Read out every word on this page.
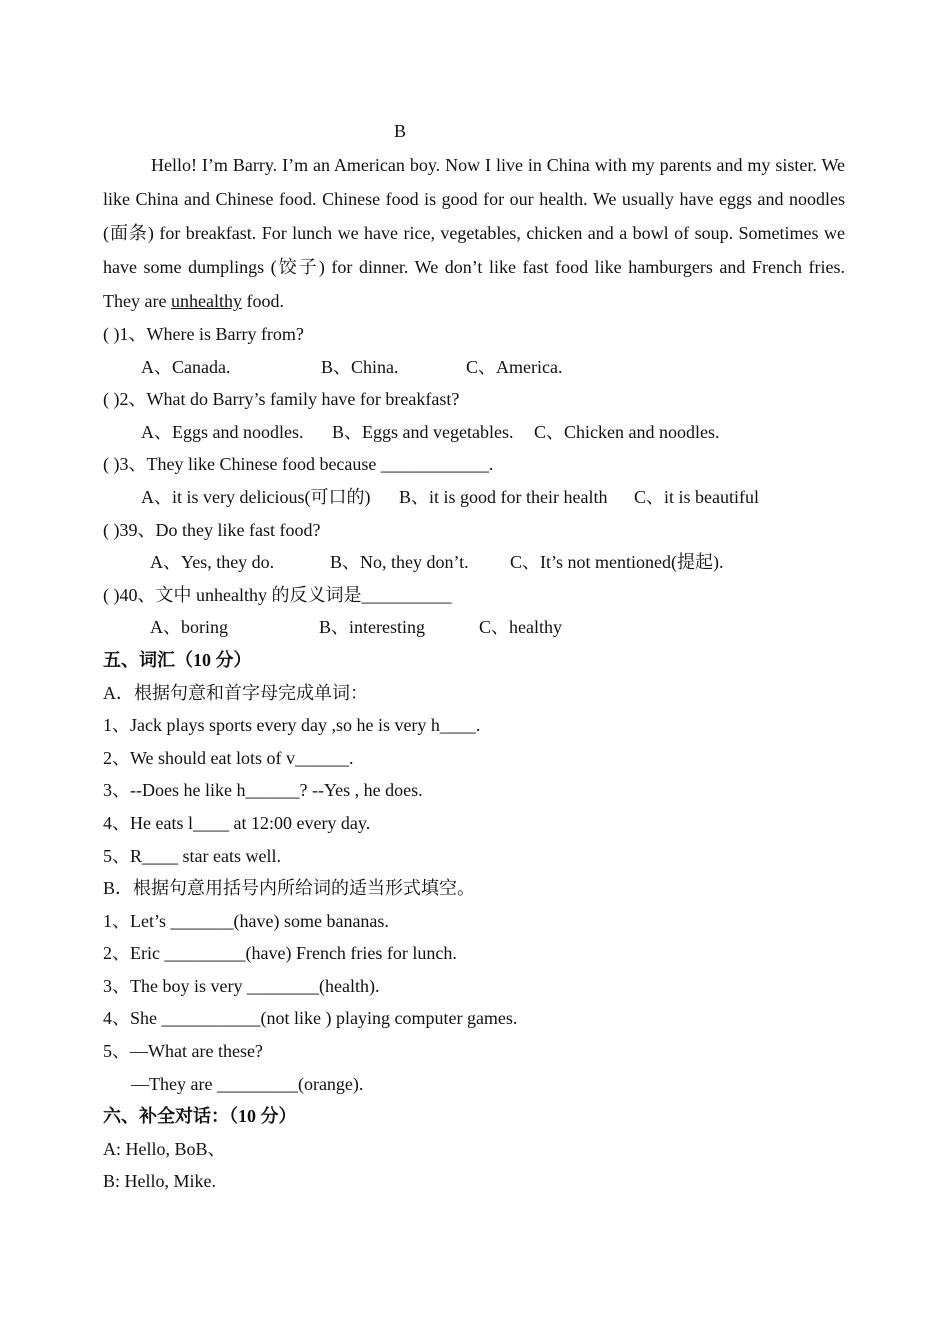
B

Hello! I’m Barry. I’m an American boy. Now I live in China with my parents and my sister. We like China and Chinese food. Chinese food is good for our health. We usually have eggs and noodles (面条) for breakfast. For lunch we have rice, vegetables, chicken and a bowl of soup. Sometimes we have some dumplings (饺子) for dinner. We don’t like fast food like hamburgers and French fries. They are unhealthy food.

( )1、Where is Barry from?
A、Canada.	B、China.	C、America.
( )2、What do Barry’s family have for breakfast?
A、Eggs and noodles. B、Eggs and vegetables. C、Chicken and noodles.
( )3、They like Chinese food because ____________.
A、it is very delicious(可口的) B、it is good for their health C、it is beautiful
( )39、Do they like fast food?
A、Yes, they do.	B、No, they don’t. C、It’s not mentioned(提起).
( )40、文中 unhealthy 的反义词是__________
A、boring	B、interesting	C、healthy
五、词汇（10 分）
A．根据句意和首字母完成单词：
1、Jack plays sports every day ,so he is very h____.
2、We should eat lots of v______.
3、--Does he like h______? --Yes , he does.
4、He eats l____ at 12:00 every day.
5、R____ star eats well.
B．根据句意用括号内所给词的适当形式填空。
1、Let’s _______(have) some bananas.
2、Eric _________(have) French fries for lunch.
3、The boy is very ________(health).
4、She ___________(not like ) playing computer games.
5、—What are these?
—They are _________(orange).
六、补全对话：（10 分）
A: Hello, BoB、
B: Hello, Mike.
